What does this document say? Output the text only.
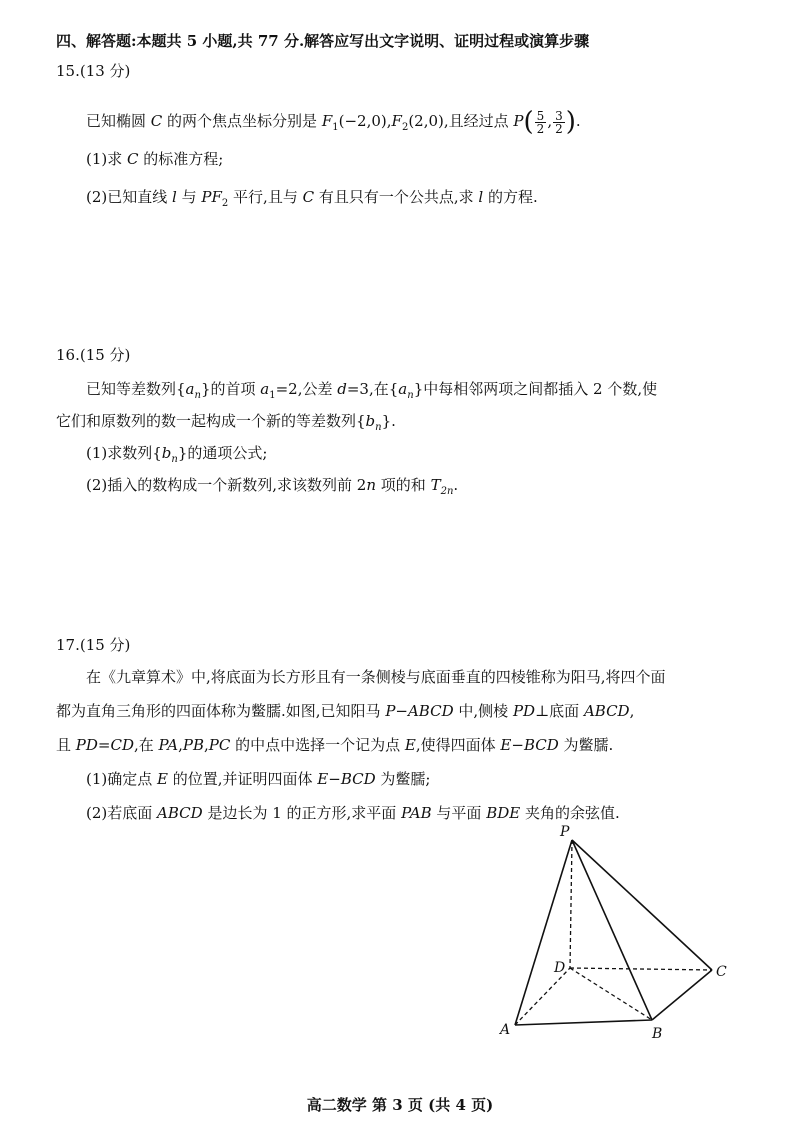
四、解答题:本题共 5 小题,共 77 分.解答应写出文字说明、证明过程或演算步骤
15.(13 分)
已知椭圆 C 的两个焦点坐标分别是 $F_1(-2,0),F_2(2,0)$,且经过点 $P( \frac{5}{2}$ , $\frac{3}{2}$ ).
(1)求 C 的标准方程;
(2)已知直线 l 与 $PF_2$ 平行,且与 C 有且只有一个公共点,求 l 的方程.
16.(15 分)
已知等差数列$\{a_n\}$的首项 $a_1=2$,公差 d=3,在$\{a_n\}$中每相邻两项之间都插入 2 个数,使
它们和原数列的数一起构成一个新的等差数列$\{b_n\}$.
(1)求数列$\{b_n\}$的通项公式;
(2)插入的数构成一个新数列,求该数列前 2n 项的和 $T_{2n}$.
17.(15 分)
在《九章算术》中,将底面为长方形且有一条侧棱与底面垂直的四棱锥称为阳马,将四个面
都为直角三角形的四面体称为鳖臑.如图,已知阳马 P−ABCD 中,侧棱 PD⊥底面 ABCD,
且 PD=CD,在 PA,PB,PC 的中点中选择一个记为点 E,使得四面体 E−BCD 为鳖臑.
(1)确定点 E 的位置,并证明四面体 E−BCD 为鳖臑;
(2)若底面 ABCD 是边长为 1 的正方形,求平面 PAB 与平面 BDE 夹角的余弦值.
P
A	B
C
D
高二数学 第 3 页 (共 4 页)
